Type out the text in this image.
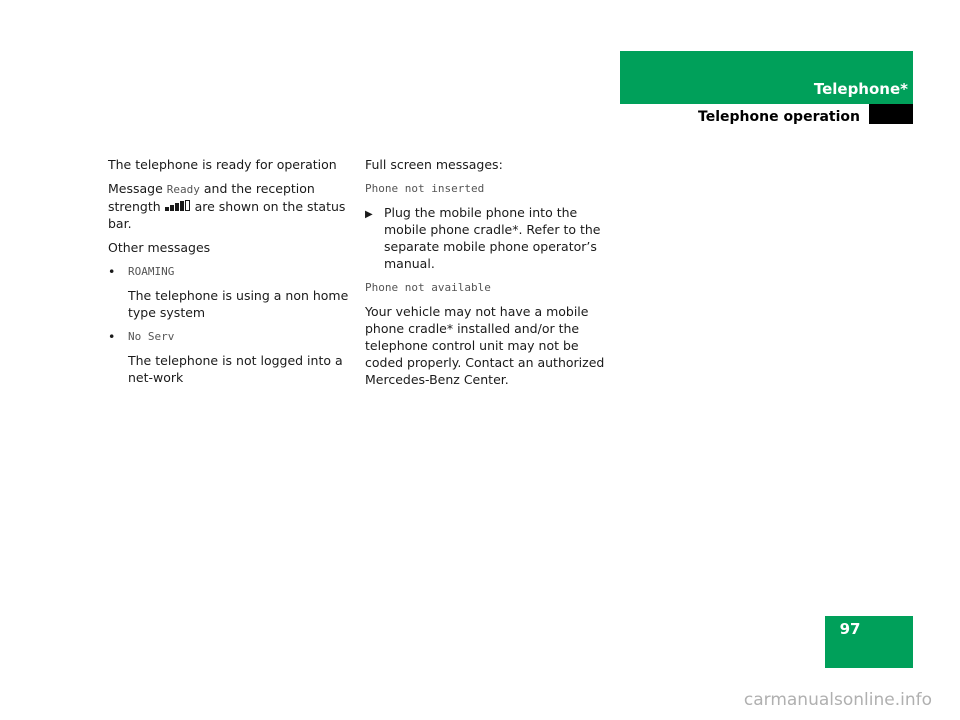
Telephone*
Telephone operation

The telephone is ready for operation

Message Ready and the reception strength  are shown on the status bar.

Other messages

•	ROAMING
The telephone is using a non home type system
•	No Serv
The telephone is not logged into a net-work

Full screen messages:

Phone not inserted

▶ Plug the mobile phone into the mobile phone cradle*. Refer to the separate mobile phone operator’s manual.

Phone not available

Your vehicle may not have a mobile phone cradle* installed and/or the telephone control unit may not be coded properly. Contact an authorized Mercedes-Benz Center.

97
carmanualsonline.info
